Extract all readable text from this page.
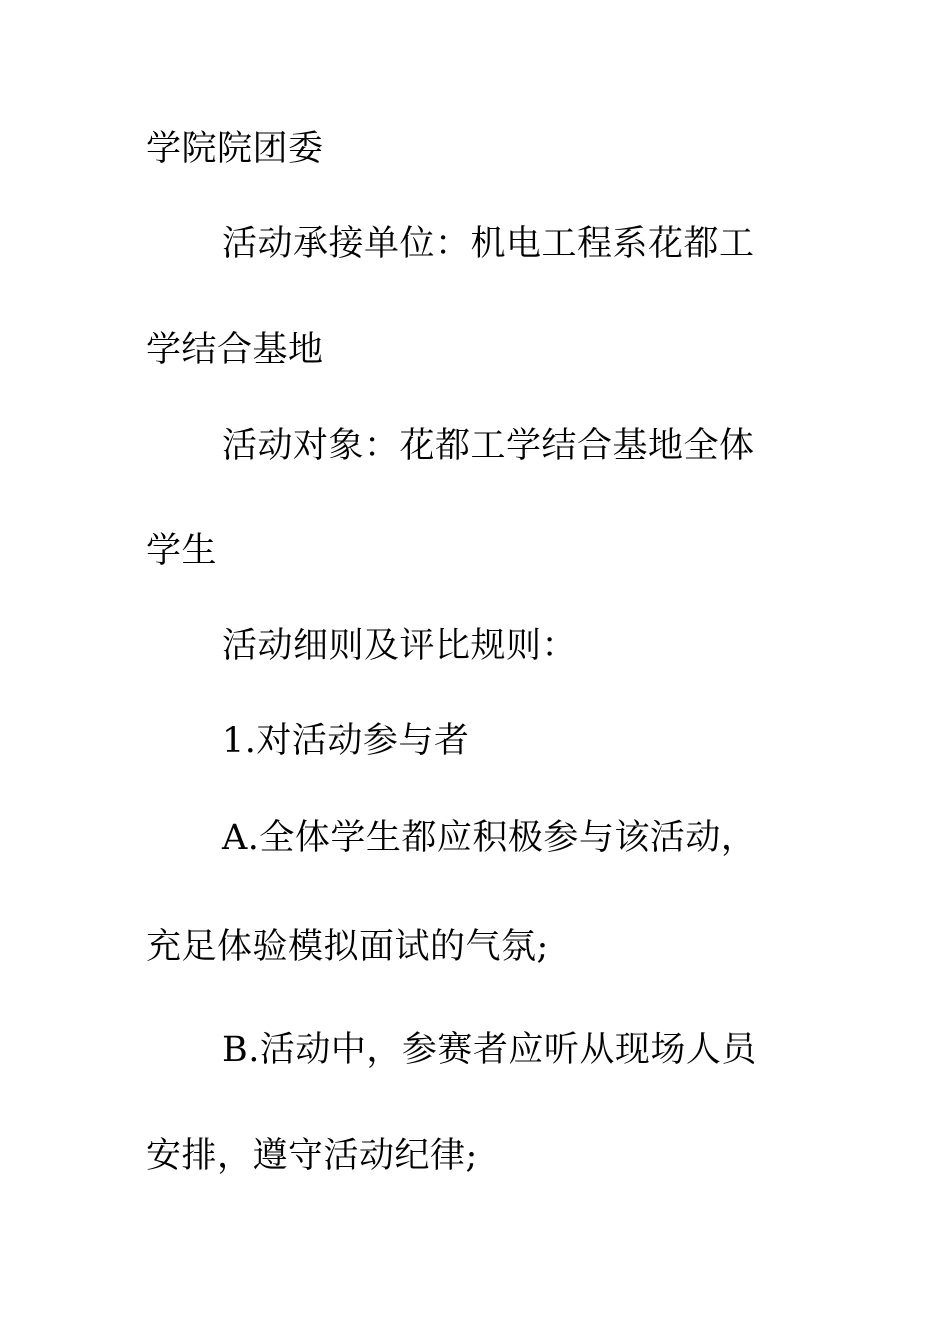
学院院团委
活动承接单位：机电工程系花都工
学结合基地
活动对象：花都工学结合基地全体
学生
活动细则及评比规则：
1.对活动参与者
A.全体学生都应积极参与该活动，
充足体验模拟面试的气氛;
B.活动中，参赛者应听从现场人员
安排，遵守活动纪律;
